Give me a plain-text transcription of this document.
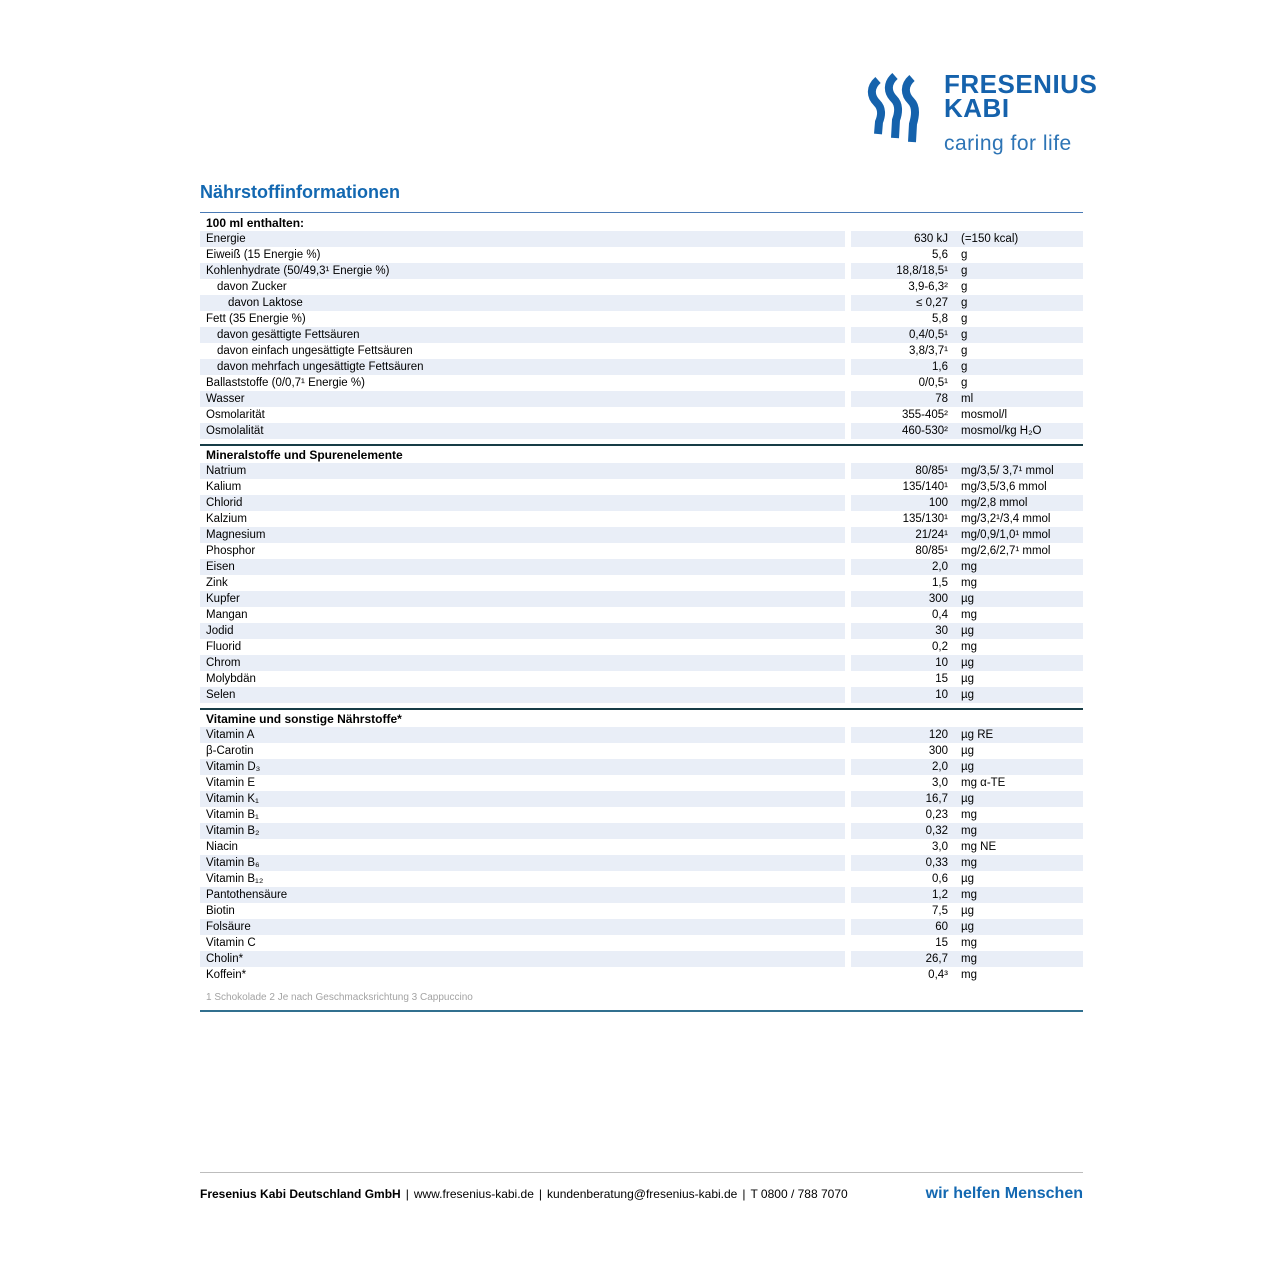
FRESENIUS
KABI
caring for life
Nährstoffinformationen
100 ml enthalten:
Energie	630 kJ	(=150 kcal)
Eiweiß (15 Energie %)	5,6	g
Kohlenhydrate (50/49,3¹ Energie %)	18,8/18,5¹	g
davon Zucker	3,9-6,3²	g
davon Laktose	≤ 0,27	g
Fett (35 Energie %)	5,8	g
davon gesättigte Fettsäuren	0,4/0,5¹	g
davon einfach ungesättigte Fettsäuren	3,8/3,7¹	g
davon mehrfach ungesättigte Fettsäuren	1,6	g
Ballaststoffe (0/0,7¹ Energie %)	0/0,5¹	g
Wasser	78	ml
Osmolarität	355-405²	mosmol/l
Osmolalität	460-530²	mosmol/kg H₂O
Mineralstoffe und Spurenelemente
Natrium	80/85¹	mg/3,5/ 3,7¹ mmol
Kalium	135/140¹	mg/3,5/3,6 mmol
Chlorid	100	mg/2,8 mmol
Kalzium	135/130¹	mg/3,2¹/3,4 mmol
Magnesium	21/24¹	mg/0,9/1,0¹ mmol
Phosphor	80/85¹	mg/2,6/2,7¹ mmol
Eisen	2,0	mg
Zink	1,5	mg
Kupfer	300	µg
Mangan	0,4	mg
Jodid	30	µg
Fluorid	0,2	mg
Chrom	10	µg
Molybdän	15	µg
Selen	10	µg
Vitamine und sonstige Nährstoffe*
Vitamin A	120	µg RE
β-Carotin	300	µg
Vitamin D₃	2,0	µg
Vitamin E	3,0	mg α-TE
Vitamin K₁	16,7	µg
Vitamin B₁	0,23	mg
Vitamin B₂	0,32	mg
Niacin	3,0	mg NE
Vitamin B₆	0,33	mg
Vitamin B₁₂	0,6	µg
Pantothensäure	1,2	mg
Biotin	7,5	µg
Folsäure	60	µg
Vitamin C	15	mg
Cholin*	26,7	mg
Koffein*	0,4³	mg
1 Schokolade 2 Je nach Geschmacksrichtung 3 Cappuccino
Fresenius Kabi Deutschland GmbH | www.fresenius-kabi.de | kundenberatung@fresenius-kabi.de | T 0800 / 788 7070	wir helfen Menschen
